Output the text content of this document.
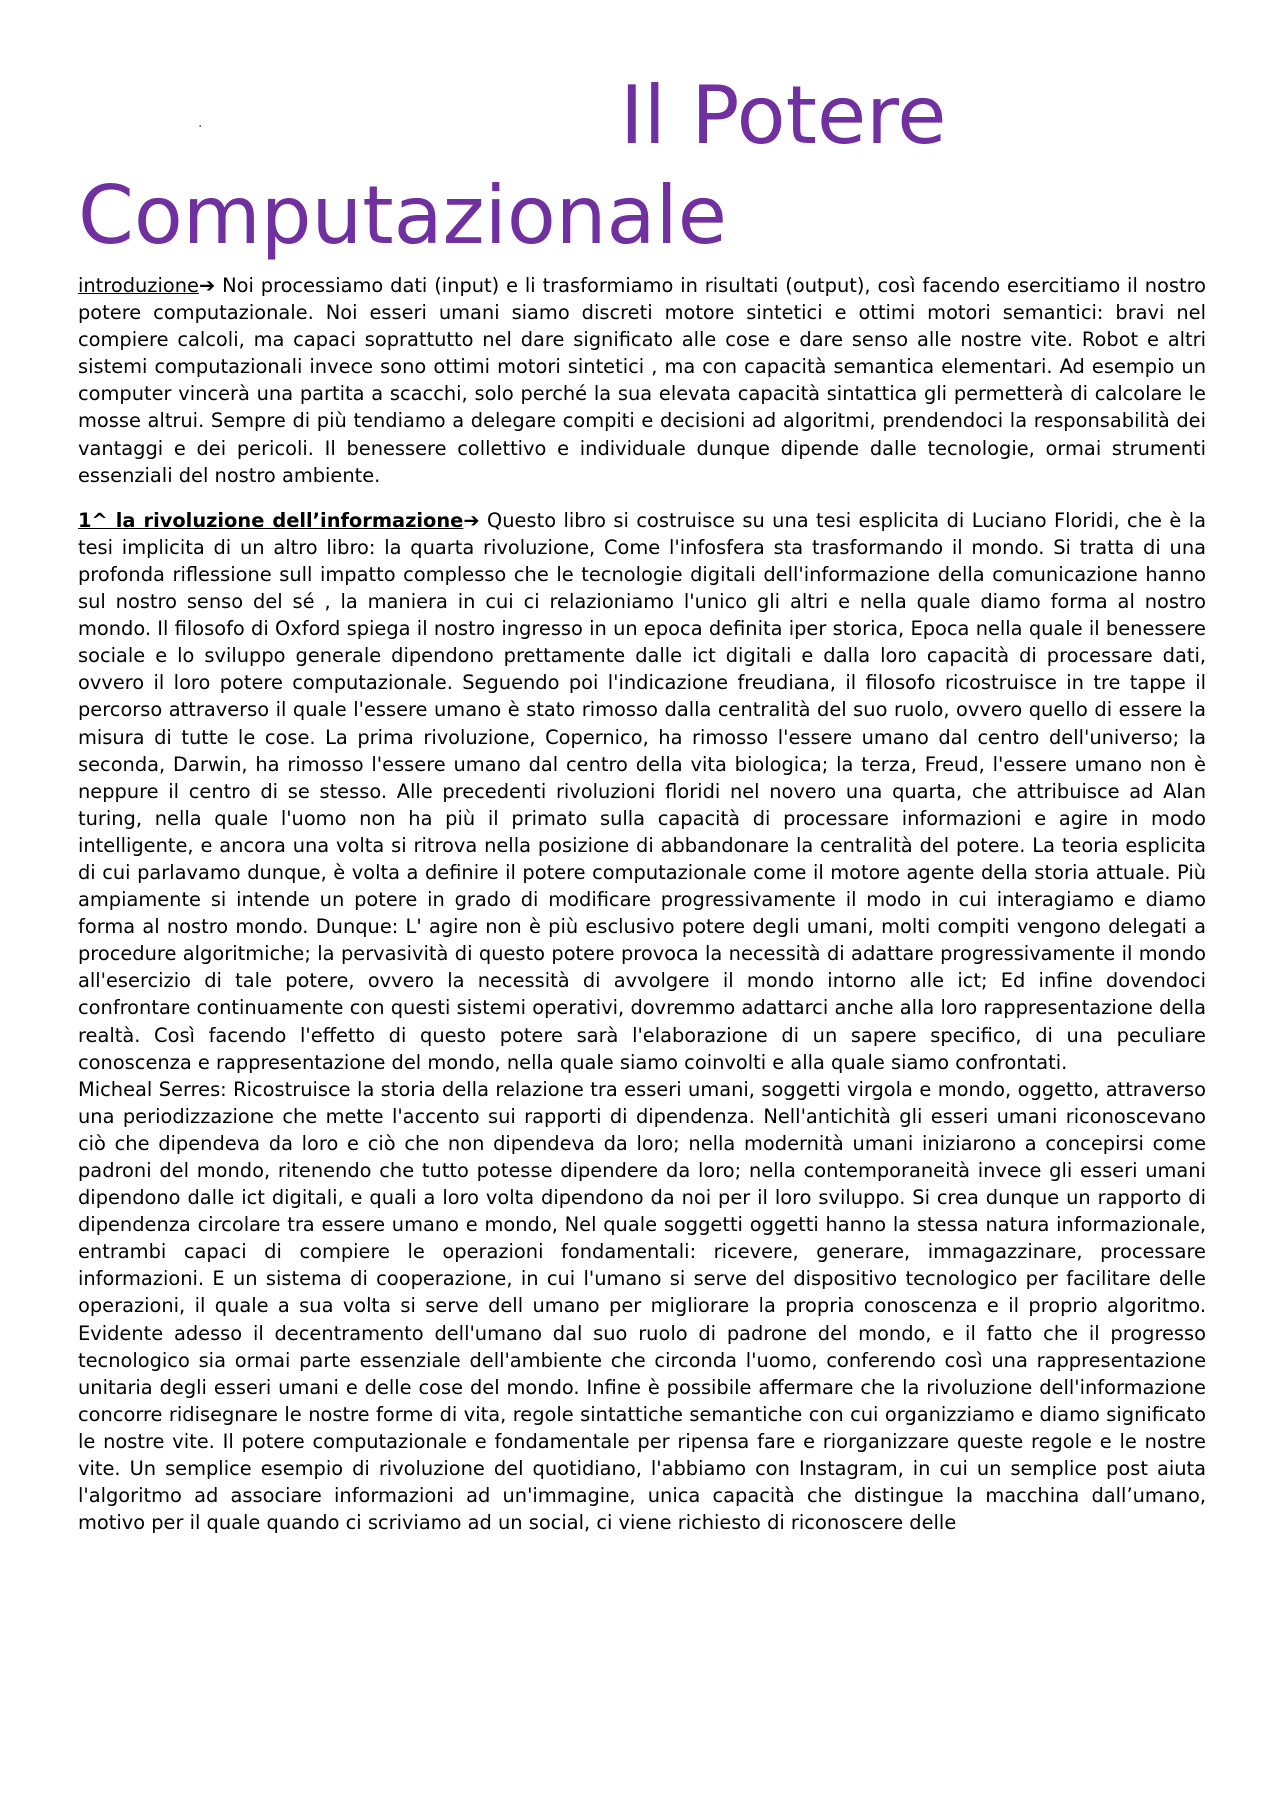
.	Il Potere
Computazionale

introduzione➔ Noi processiamo dati (input) e li trasformiamo in risultati (output), così facendo esercitiamo il nostro potere computazionale. Noi esseri umani siamo discreti motore sintetici e ottimi motori semantici: bravi nel compiere calcoli, ma capaci soprattutto nel dare significato alle cose e dare senso alle nostre vite. Robot e altri sistemi computazionali invece sono ottimi motori sintetici , ma con capacità semantica elementari. Ad esempio un computer vincerà una partita a scacchi, solo perché la sua elevata capacità sintattica gli permetterà di calcolare le mosse altrui. Sempre di più tendiamo a delegare compiti e decisioni ad algoritmi, prendendoci la responsabilità dei vantaggi e dei pericoli. Il benessere collettivo e individuale dunque dipende dalle tecnologie, ormai strumenti essenziali del nostro ambiente.

1^ la rivoluzione dell’informazione➔ Questo libro si costruisce su una tesi esplicita di Luciano Floridi, che è la tesi implicita di un altro libro: la quarta rivoluzione, Come l'infosfera sta trasformando il mondo. Si tratta di una profonda riflessione sull impatto complesso che le tecnologie digitali dell'informazione della comunicazione hanno sul nostro senso del sé , la maniera in cui ci relazioniamo l'unico gli altri e nella quale diamo forma al nostro mondo. Il filosofo di Oxford spiega il nostro ingresso in un epoca definita iper storica, Epoca nella quale il benessere sociale e lo sviluppo generale dipendono prettamente dalle ict digitali e dalla loro capacità di processare dati, ovvero il loro potere computazionale. Seguendo poi l'indicazione freudiana, il filosofo ricostruisce in tre tappe il percorso attraverso il quale l'essere umano è stato rimosso dalla centralità del suo ruolo, ovvero quello di essere la misura di tutte le cose. La prima rivoluzione, Copernico, ha rimosso l'essere umano dal centro dell'universo; la seconda, Darwin, ha rimosso l'essere umano dal centro della vita biologica; la terza, Freud, l'essere umano non è neppure il centro di se stesso. Alle precedenti rivoluzioni floridi nel novero una quarta, che attribuisce ad Alan turing, nella quale l'uomo non ha più il primato sulla capacità di processare informazioni e agire in modo intelligente, e ancora una volta si ritrova nella posizione di abbandonare la centralità del potere. La teoria esplicita di cui parlavamo dunque, è volta a definire il potere computazionale come il motore agente della storia attuale. Più ampiamente si intende un potere in grado di modificare progressivamente il modo in cui interagiamo e diamo forma al nostro mondo. Dunque: L' agire non è più esclusivo potere degli umani, molti compiti vengono delegati a procedure algoritmiche; la pervasività di questo potere provoca la necessità di adattare progressivamente il mondo all'esercizio di tale potere, ovvero la necessità di avvolgere il mondo intorno alle ict; Ed infine dovendoci confrontare continuamente con questi sistemi operativi, dovremmo adattarci anche alla loro rappresentazione della realtà. Così facendo l'effetto di questo potere sarà l'elaborazione di un sapere specifico, di una peculiare conoscenza e rappresentazione del mondo, nella quale siamo coinvolti e alla quale siamo confrontati.

Micheal Serres: Ricostruisce la storia della relazione tra esseri umani, soggetti virgola e mondo, oggetto, attraverso una periodizzazione che mette l'accento sui rapporti di dipendenza. Nell'antichità gli esseri umani riconoscevano ciò che dipendeva da loro e ciò che non dipendeva da loro; nella modernità umani iniziarono a concepirsi come padroni del mondo, ritenendo che tutto potesse dipendere da loro; nella contemporaneità invece gli esseri umani dipendono dalle ict digitali, e quali a loro volta dipendono da noi per il loro sviluppo. Si crea dunque un rapporto di dipendenza circolare tra essere umano e mondo, Nel quale soggetti oggetti hanno la stessa natura informazionale, entrambi capaci di compiere le operazioni fondamentali: ricevere, generare, immagazzinare, processare informazioni. E un sistema di cooperazione, in cui l'umano si serve del dispositivo tecnologico per facilitare delle operazioni, il quale a sua volta si serve dell umano per migliorare la propria conoscenza e il proprio algoritmo. Evidente adesso il decentramento dell'umano dal suo ruolo di padrone del mondo, e il fatto che il progresso tecnologico sia ormai parte essenziale dell'ambiente che circonda l'uomo, conferendo così una rappresentazione unitaria degli esseri umani e delle cose del mondo. Infine è possibile affermare che la rivoluzione dell'informazione concorre ridisegnare le nostre forme di vita, regole sintattiche semantiche con cui organizziamo e diamo significato le nostre vite. Il potere computazionale e fondamentale per ripensa fare e riorganizzare queste regole e le nostre vite. Un semplice esempio di rivoluzione del quotidiano, l'abbiamo con Instagram, in cui un semplice post aiuta l'algoritmo ad associare informazioni ad un'immagine, unica capacità che distingue la macchina dall’umano, motivo per il quale quando ci scriviamo ad un social, ci viene richiesto di riconoscere delle
